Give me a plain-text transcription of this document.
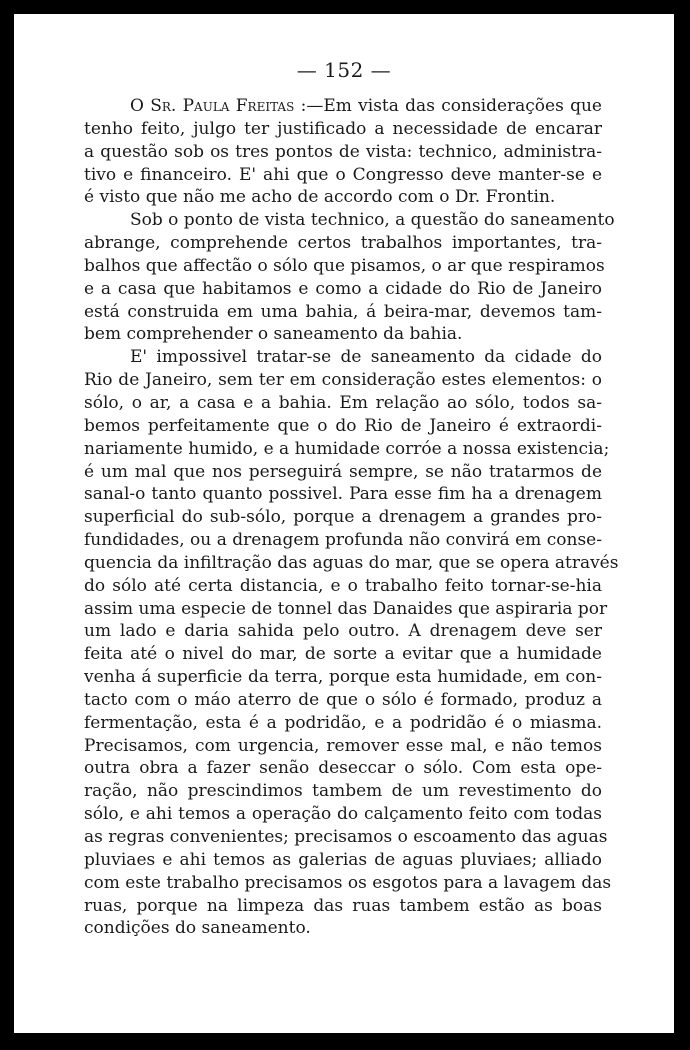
— 152 —
O Sr. Paula Freitas :—Em vista das considerações que
tenho feito, julgo ter justificado a necessidade de encarar
a questão sob os tres pontos de vista: technico, administra-
tivo e financeiro. E' ahi que o Congresso deve manter-se e
é visto que não me acho de accordo com o Dr. Frontin.
Sob o ponto de vista technico, a questão do saneamento
abrange, comprehende certos trabalhos importantes, tra-
balhos que affectão o sólo que pisamos, o ar que respiramos
e a casa que habitamos e como a cidade do Rio de Janeiro
está construida em uma bahia, á beira-mar, devemos tam-
bem comprehender o saneamento da bahia.
E' impossivel tratar-se de saneamento da cidade do
Rio de Janeiro, sem ter em consideração estes elementos: o
sólo, o ar, a casa e a bahia. Em relação ao sólo, todos sa-
bemos perfeitamente que o do Rio de Janeiro é extraordi-
nariamente humido, e a humidade corróe a nossa existencia;
é um mal que nos perseguirá sempre, se não tratarmos de
sanal-o tanto quanto possivel. Para esse fim ha a drenagem
superficial do sub-sólo, porque a drenagem a grandes pro-
fundidades, ou a drenagem profunda não convirá em conse-
quencia da infiltração das aguas do mar, que se opera através
do sólo até certa distancia, e o trabalho feito tornar-se-hia
assim uma especie de tonnel das Danaides que aspiraria por
um lado e daria sahida pelo outro. A drenagem deve ser
feita até o nivel do mar, de sorte a evitar que a humidade
venha á superficie da terra, porque esta humidade, em con-
tacto com o máo aterro de que o sólo é formado, produz a
fermentação, esta é a podridão, e a podridão é o miasma.
Precisamos, com urgencia, remover esse mal, e não temos
outra obra a fazer senão deseccar o sólo. Com esta ope-
ração, não prescindimos tambem de um revestimento do
sólo, e ahi temos a operação do calçamento feito com todas
as regras convenientes; precisamos o escoamento das aguas
pluviaes e ahi temos as galerias de aguas pluviaes; alliado
com este trabalho precisamos os esgotos para a lavagem das
ruas, porque na limpeza das ruas tambem estão as boas
condições do saneamento.
